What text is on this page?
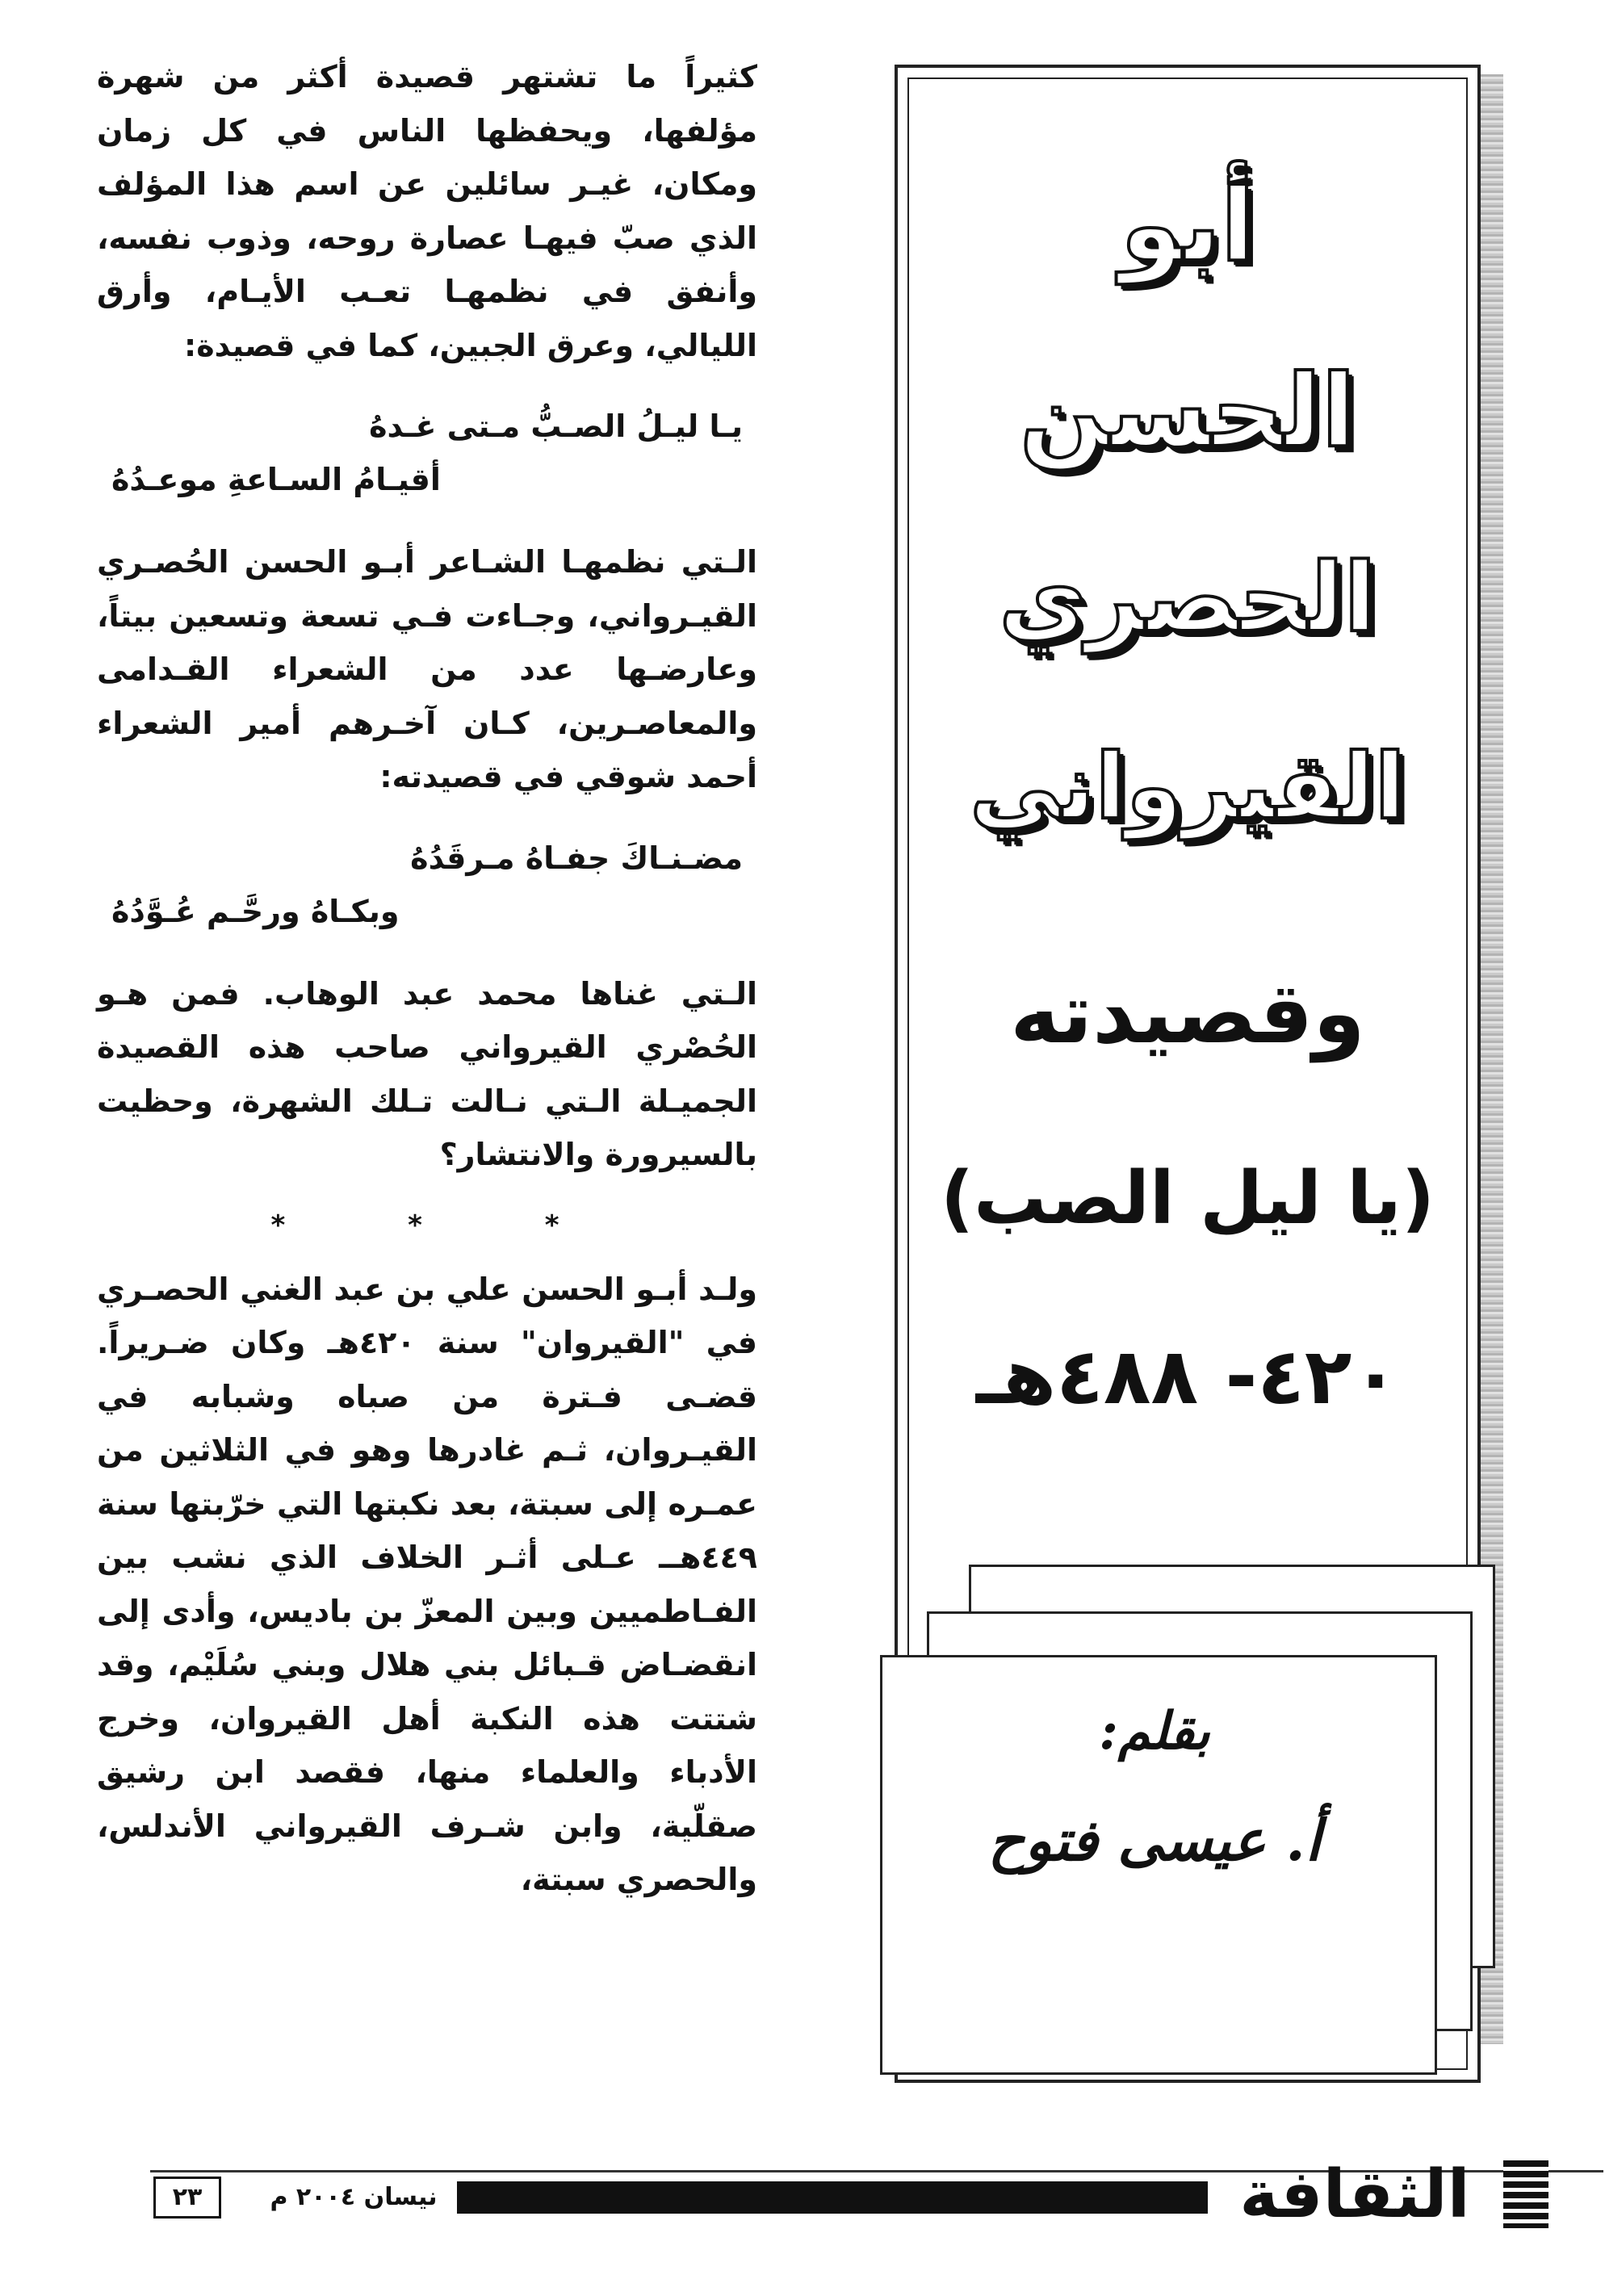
كثيراً ما تشتهر قصيدة أكثر من شهرة مؤلفها، ويحفظها الناس في كل زمان ومكان، غيـر سائلين عن اسم هذا المؤلف الذي صبّ فيهـا عصارة روحه، وذوب نفسه، وأنفق في نظمهـا تعـب الأيـام، وأرق الليالي، وعرق الجبين، كما في قصيدة:

يـا ليـلُ الصـبُّ مـتى غـدهُ
أقيـامُ السـاعةِ موعـدُهُ

الـتي نظمهـا الشـاعر أبـو الحسن الحُصـري القيـرواني، وجـاءت فـي تسعة وتسعين بيتاً، وعارضـها عدد من الشعراء القـدامى والمعاصـرين، كـان آخـرهم أمير الشعراء أحمد شوقي في قصيدته:

مضـنـاكَ جفـاهُ مـرقَدُهُ
وبكـاهُ ورحَّـم عُـوَّدُهُ

الـتي غناها محمد عبد الوهاب. فمن هـو الحُصْري القيرواني صاحب هذه القصيدة الجميـلة الـتي نـالت تـلك الشهرة، وحظيت بالسيرورة والانتشار؟

* * *

ولـد أبـو الحسن علي بن عبد الغني الحصـري في "القيروان" سنة ٤٢٠هـ وكان ضـريراً. قضـى فـترة من صباه وشبابه في القيـروان، ثـم غادرها وهو في الثلاثين من عمـره إلى سبتة، بعد نكبتها التي خرّبتها سنة ٤٤٩هــ عـلى أثـر الخلاف الذي نشب بين الفـاطميين وبين المعزّ بن باديس، وأدى إلى انقضـاض قـبائل بني هلال وبني سُلَيْم، وقد شتتت هذه النكبة أهل القيروان، وخرج الأدباء والعلماء منها، فقصد ابن رشيق صقلّية، وابن شـرف القيرواني الأندلس، والحصري سبتة،

أبو
الحسن
الحصري
القيرواني
وقصيدته
(يا ليل الصب)
٤٢٠- ٤٨٨هـ
بقلم:
أ. عيسى فتوح
نيسان ٢٠٠٤ م
٢٣	الثقافة
